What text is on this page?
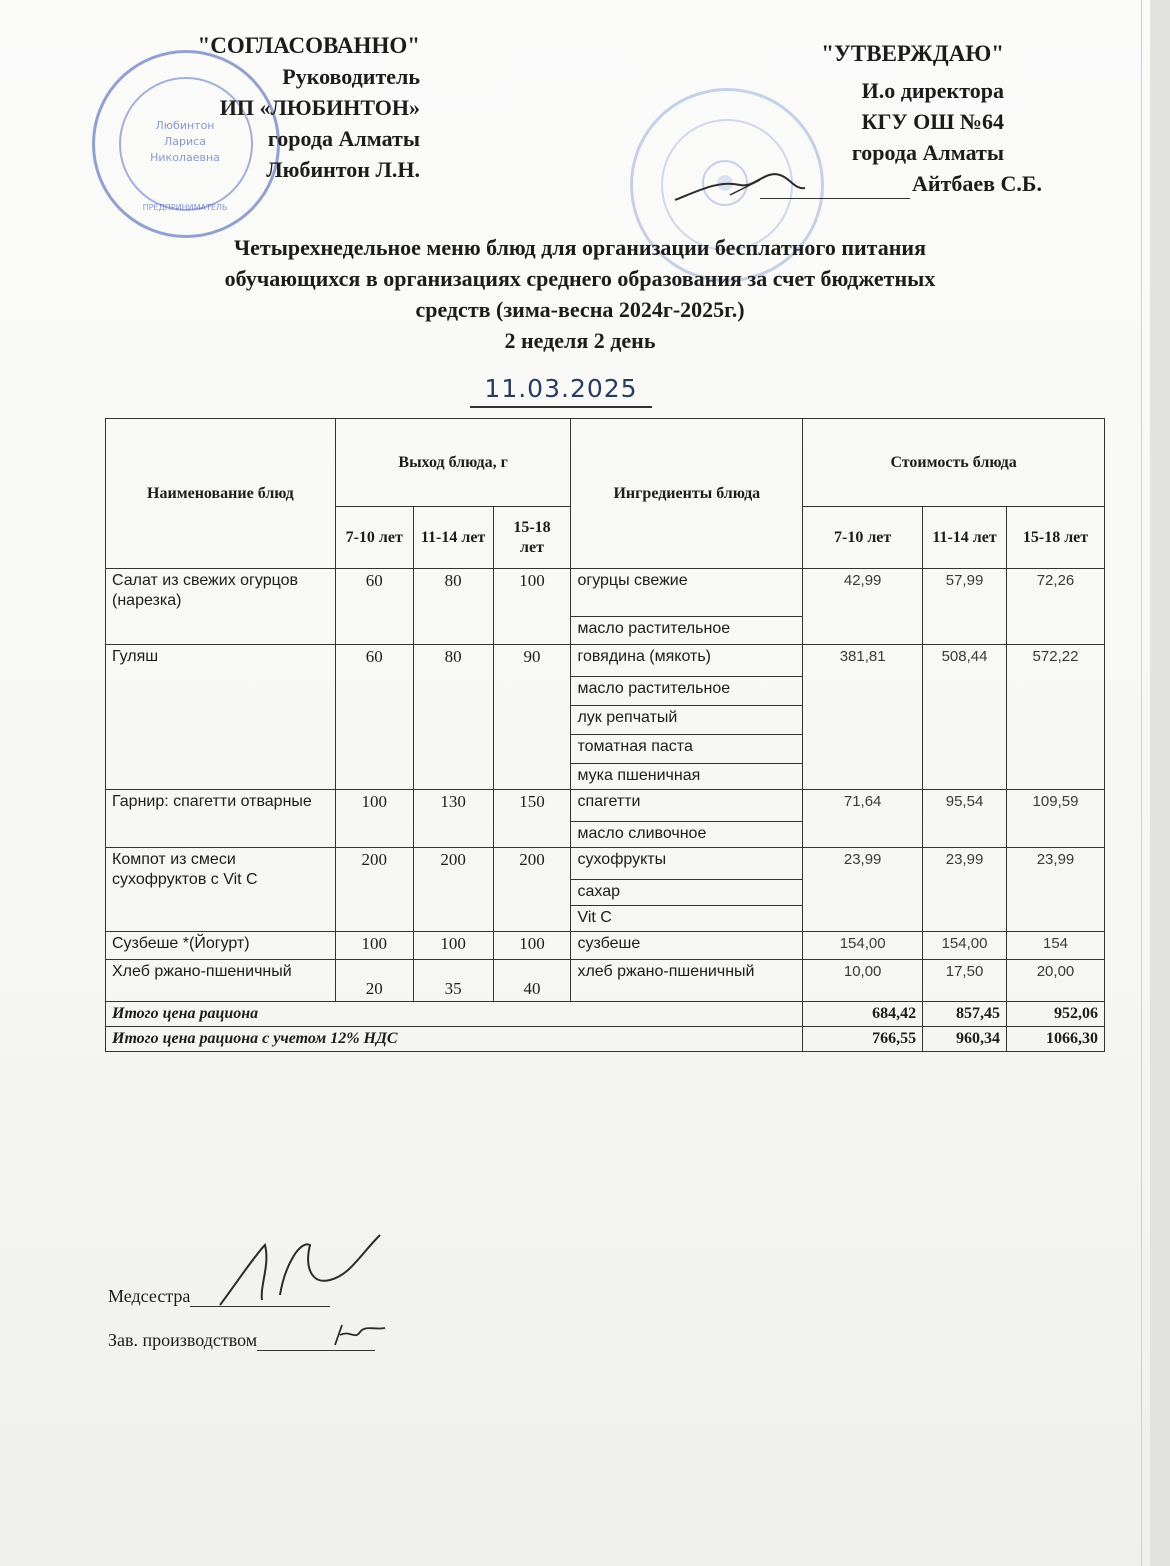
Любинтон
Лариса
Николаевна
ПРЕДПРИНИМАТЕЛЬ
"СОГЛАСОВАННО"
Руководитель
ИП «ЛЮБИНТОН»
города Алматы
Любинтон Л.Н.
"УТВЕРЖДАЮ"
И.о директора
КГУ ОШ №64
города Алматы
Айтбаев С.Б.
Четырехнедельное меню блюд для организации бесплатного питания
обучающихся в организациях среднего образования за счет бюджетных
средств (зима-весна 2024г-2025г.)
2 неделя 2 день
11.03.2025
Наименование блюд	Выход блюда, г			Ингредиенты блюда	Стоимость блюда		
	7-10 лет	11-14 лет	15-18 лет		7-10 лет	11-14 лет	15-18 лет
Салат из свежих огурцов (нарезка)	60	80	100	огурцы свежие	42,99	57,99	72,26
				масло растительное			
Гуляш	60	80	90	говядина (мякоть)	381,81	508,44	572,22
				масло растительное			
				лук репчатый			
				томатная паста			
				мука пшеничная			
Гарнир: спагетти отварные	100	130	150	спагетти	71,64	95,54	109,59
				масло сливочное			
Компот из смеси сухофруктов с Vit C	200	200	200	сухофрукты	23,99	23,99	23,99
				сахар			
				Vit C			
Сузбеше *(Йогурт)	100	100	100	сузбеше	154,00	154,00	154
Хлеб ржано-пшеничный	20	35	40	хлеб ржано-пшеничный	10,00	17,50	20,00
Итого цена рациона					684,42	857,45	952,06
Итого цена рациона с учетом 12% НДС					766,55	960,34	1066,30
Медсестра
Зав. производством
